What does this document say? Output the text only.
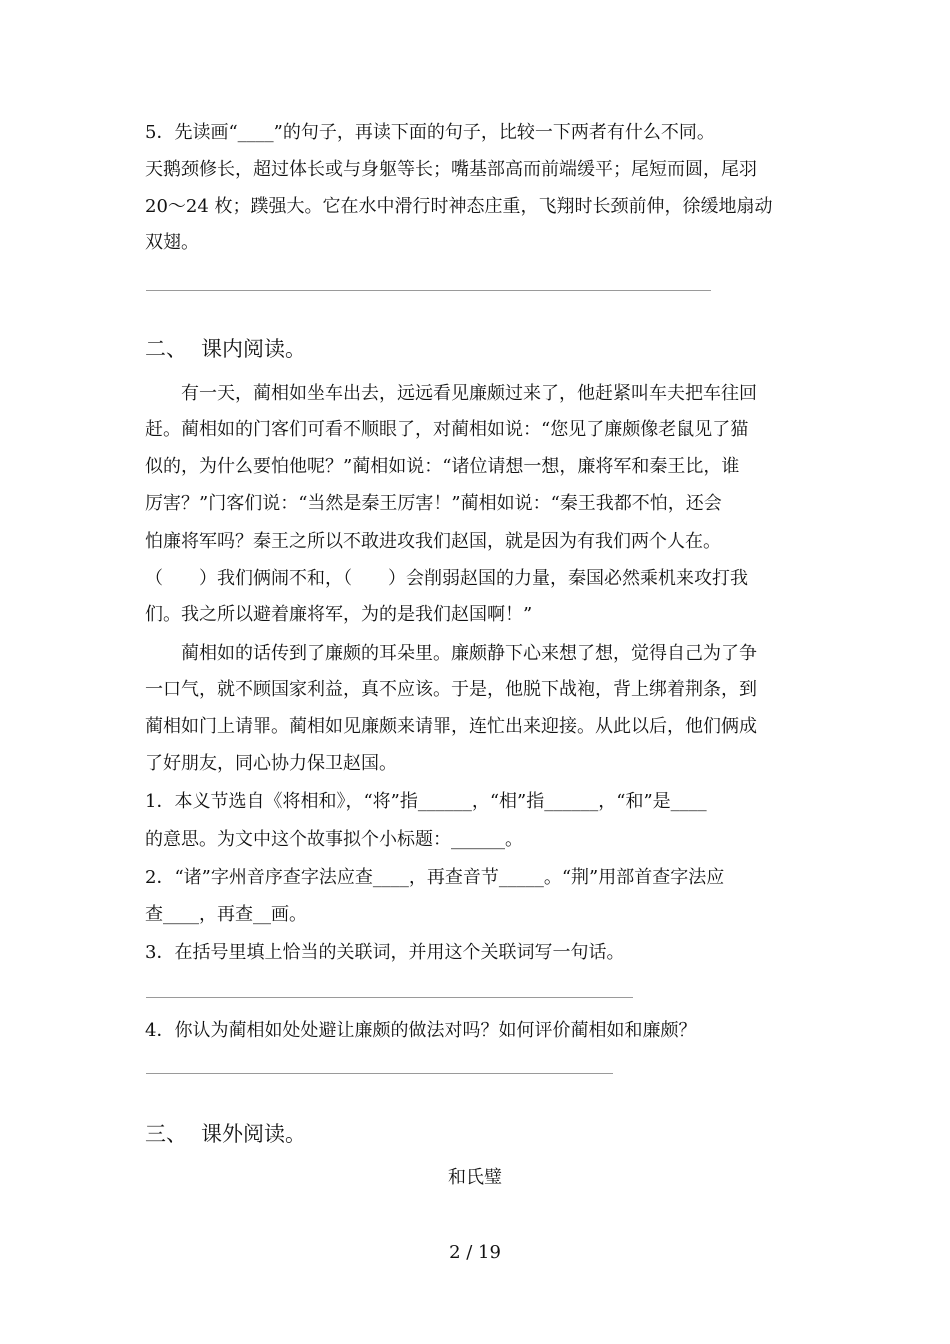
5．先读画“____”的句子，再读下面的句子，比较一下两者有什么不同。

天鹅颈修长，超过体长或与身躯等长；嘴基部高而前端缓平；尾短而圆，尾羽

20～24 枚；蹼强大。它在水中滑行时神态庄重，飞翔时长颈前伸，徐缓地扇动

双翅。

二、 课内阅读。

　　有一天，蔺相如坐车出去，远远看见廉颇过来了，他赶紧叫车夫把车往回

赶。蔺相如的门客们可看不顺眼了，对蔺相如说：“您见了廉颇像老鼠见了猫

似的，为什么要怕他呢？”蔺相如说：“诸位请想一想，廉将军和秦王比，谁

厉害？”门客们说：“当然是秦王厉害！”蔺相如说：“秦王我都不怕，还会

怕廉将军吗？秦王之所以不敢进攻我们赵国，就是因为有我们两个人在。

（　　）我们俩闹不和，（　　）会削弱赵国的力量，秦国必然乘机来攻打我

们。我之所以避着廉将军，为的是我们赵国啊！”

　　蔺相如的话传到了廉颇的耳朵里。廉颇静下心来想了想，觉得自己为了争

一口气，就不顾国家利益，真不应该。于是，他脱下战袍，背上绑着荆条，到

蔺相如门上请罪。蔺相如见廉颇来请罪，连忙出来迎接。从此以后，他们俩成

了好朋友，同心协力保卫赵国。

1．本义节选自《将相和》，“将”指______，“相”指______，“和”是____

的意思。为文中这个故事拟个小标题：______。

2．“诸”字州音序查字法应查____，再查音节_____。“荆”用部首查字法应

查____，再查__画。

3．在括号里填上恰当的关联词，并用这个关联词写一句话。

4．你认为蔺相如处处避让廉颇的做法对吗？如何评价蔺相如和廉颇？

三、 课外阅读。

和氏璧

2 / 19
